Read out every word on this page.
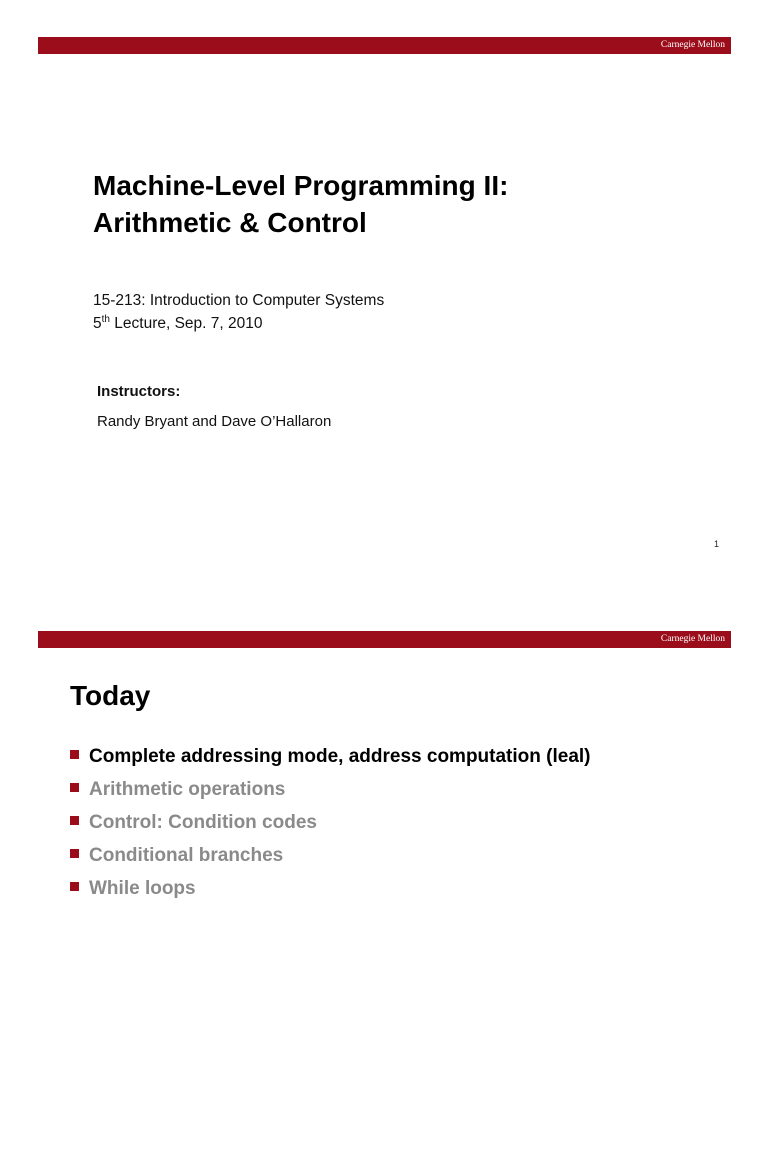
Carnegie Mellon
Machine-Level Programming II:
Arithmetic & Control
15-213: Introduction to Computer Systems
5th Lecture, Sep. 7, 2010
Instructors:
Randy Bryant and Dave O’Hallaron
1
Carnegie Mellon
Today
Complete addressing mode, address computation (leal)
Arithmetic operations
Control: Condition codes
Conditional branches
While loops
